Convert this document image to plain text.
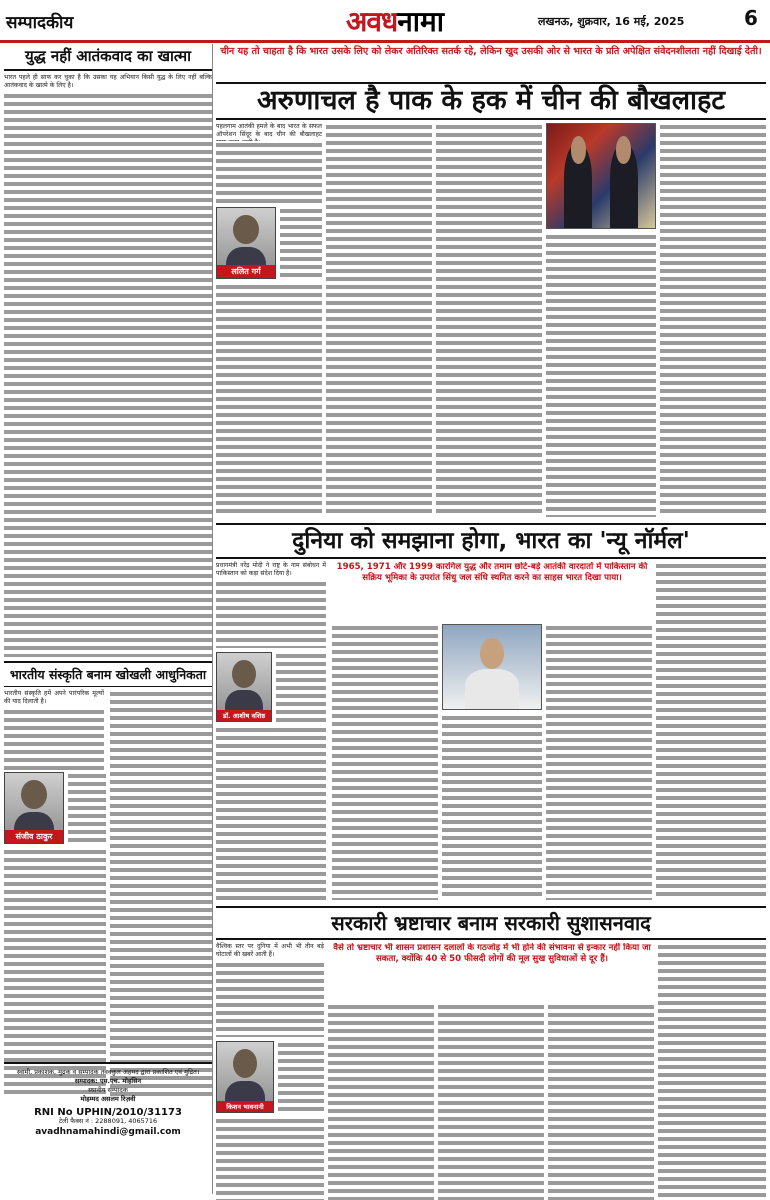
सम्पादकीय	अवधनामा	लखनऊ, शुक्रवार, 16 मई, 2025	6
युद्ध नहीं आतंकवाद का खात्मा
भारत पहले ही साफ कर चुका है कि उसका यह अभियान किसी युद्ध के लिए नहीं बल्कि आतंकवाद के खात्मे के लिए है।
भारतीय संस्कृति बनाम खोखली आधुनिकता
भारतीय संस्कृति हमें अपने पारंपरिक मूल्यों की याद दिलाती है।
संजीव ठाकुर
स्वामी, प्रकाशक, मुद्रक व सम्पादक तवक्कुल अहमद द्वारा प्रकाशित एवं मुद्रित।
सम्पादक: एम.एच. मोहसिन
स्थानीय सम्पादक
मोहम्मद असलम रिज़वी
RNI No UPHIN/2010/31173
टेली फैक्स नं : 2288091, 4065716
avadhnamahindi@gmail.com
चीन यह तो चाहता है कि भारत उसके लिए को लेकर अतिरिक्त सतर्क रहे, लेकिन खुद उसकी ओर से भारत के प्रति अपेक्षित संवेदनशीलता नहीं दिखाई देती।
अरुणाचल है पाक के हक में चीन की बौखलाहट
पहलगाम आतंकी हमले के बाद भारत के सफल ऑपरेशन सिंदूर के बाद चीन की बौखलाहट
ललित गर्ग
दुनिया को समझाना होगा, भारत का 'न्यू नॉर्मल'
प्रधानमंत्री नरेंद्र मोदी ने राष्ट्र के नाम संबोधन में पाकिस्तान को कड़ा संदेश दिया है।
डॉ. आशीष वशिष्ठ
1965, 1971 और 1999 कारगिल युद्ध और तमाम छोटे-बड़े आतंकी वारदातों में पाकिस्तान की सक्रिय भूमिका के उपरांत सिंधु जल संधि स्थगित करने का साहस भारत दिखा पाया।
सरकारी भ्रष्टाचार बनाम सरकारी सुशासनवाद
वैश्विक स्तर पर दुनिया में अभी भी तीन बड़े घोटालों की खबरें आती हैं।
किशन भावनानी
वैसे तो भ्रष्टाचार भी शासन प्रशासन दलालों के गठजोड़ में भी होने की संभावना से इन्कार नहीं किया जा सकता, क्योंकि 40 से 50 फीसदी लोगों की मूल सुख सुविधाओं से दूर हैं।
